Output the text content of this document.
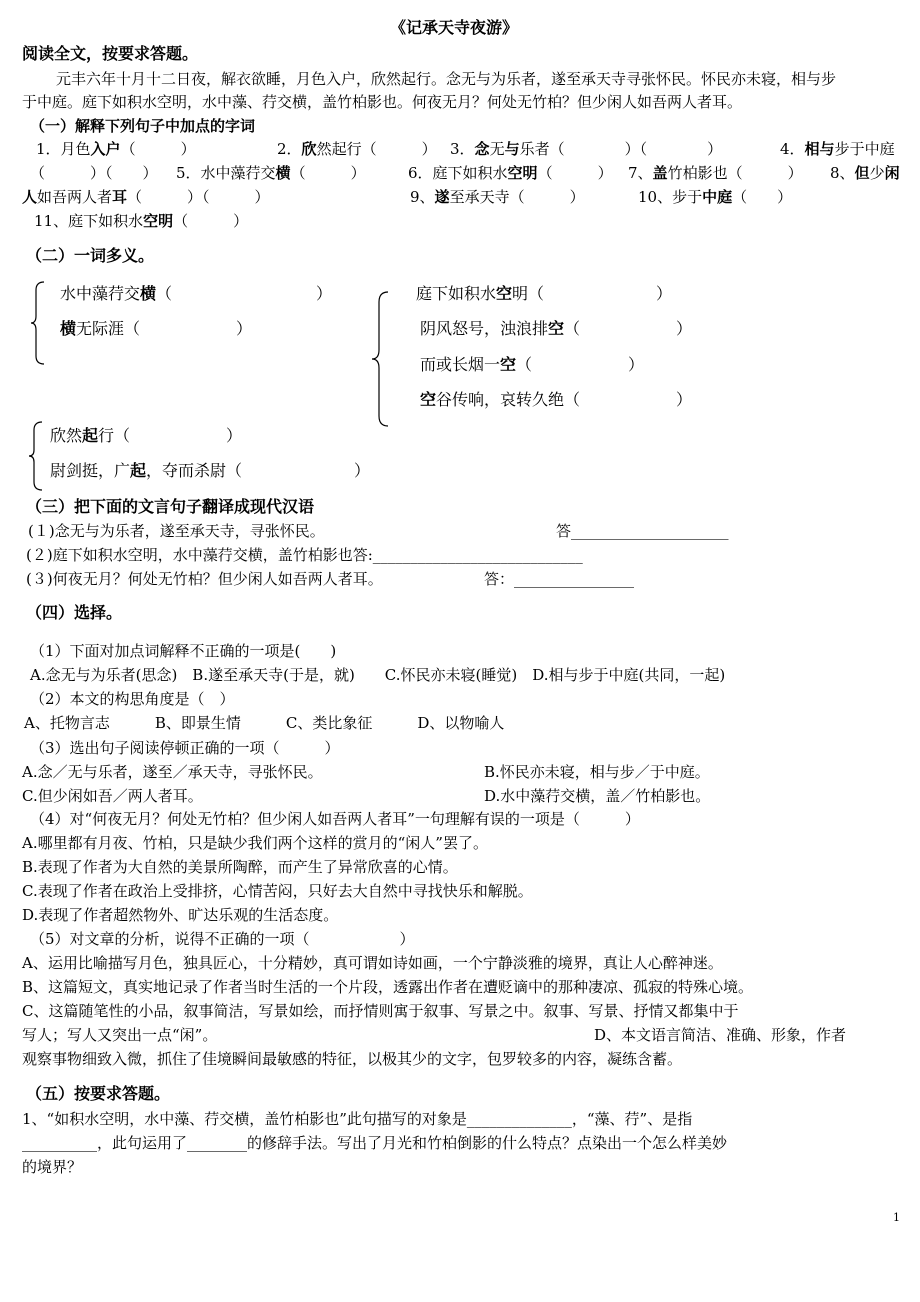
《记承天寺夜游》
阅读全文，按要求答题。
元丰六年十月十二日夜，解衣欲睡，月色入户，欣然起行。念无与为乐者，遂至承天寺寻张怀民。怀民亦未寝，相与步
于中庭。庭下如积水空明，水中藻、荇交横，盖竹柏影也。何夜无月？何处无竹柏？但少闲人如吾两人者耳。
（一）解释下列句子中加点的字词
1．月色入户（　　　）	2．欣然起行（　　　） 3．念无与乐者（　　　　）（　　　　）	4．相与步于中庭
（　　　）（　　） 5．水中藻荇交横（　　　）	6．庭下如积水空明（　　　） 7、盖竹柏影也（　　　） 8、但少闲
人如吾两人者耳（　　　）（　　　）	9、遂至承天寺（　　　）	10、步于中庭（　　）
11、庭下如积水空明（　　　）
（二）一词多义。
水中藻荇交横（　　　　　　　　　）
横无际涯（　　　　　　）
庭下如积水空明（　　　　　　　）
阴风怒号，浊浪排空（　　　　　　）
而或长烟一空（　　　　　　）
空谷传响，哀转久绝（　　　　　　）
欣然起行（　　　　　　）
尉剑挺，广起，夺而杀尉（　　　　　　　）
（三）把下面的文言句子翻译成现代汉语
(１)念无与为乐者，遂至承天寺，寻张怀民。	答_____________________
(２)庭下如积水空明，水中藻荇交横，盖竹柏影也答:____________________________
(３)何夜无月？何处无竹柏？但少闲人如吾两人者耳。	答：________________
（四）选择。
（1）下面对加点词解释不正确的一项是(　　)
A.念无与为乐者(思念)　B.遂至承天寺(于是，就)　　C.怀民亦未寝(睡觉)　D.相与步于中庭(共同，一起)
（2）本文的构思角度是（　）
A、托物言志　　　B、即景生情　　　C、类比象征　　　D、以物喻人
（3）选出句子阅读停顿正确的一项（　　　）
A.念／无与乐者，遂至／承天寺，寻张怀民。	B.怀民亦未寝，相与步／于中庭。
C.但少闲如吾／两人者耳。	D.水中藻荇交横，盖／竹柏影也。
（4）对“何夜无月？何处无竹柏？但少闲人如吾两人者耳”一句理解有误的一项是（　　　）
A.哪里都有月夜、竹柏，只是缺少我们两个这样的赏月的“闲人”罢了。
B.表现了作者为大自然的美景所陶醉，而产生了异常欣喜的心情。
C.表现了作者在政治上受排挤，心情苦闷，只好去大自然中寻找快乐和解脱。
D.表现了作者超然物外、旷达乐观的生活态度。
（5）对文章的分析，说得不正确的一项（　　　　　　）
A、运用比喻描写月色，独具匠心，十分精妙，真可谓如诗如画，一个宁静淡雅的境界，真让人心醉神迷。
B、这篇短文，真实地记录了作者当时生活的一个片段，透露出作者在遭贬谪中的那种凄凉、孤寂的特殊心境。
C、这篇随笔性的小品，叙事简洁，写景如绘，而抒情则寓于叙事、写景之中。叙事、写景、抒情又都集中于
写人；写人又突出一点“闲”。	D、本文语言简洁、准确、形象，作者
观察事物细致入微，抓住了佳境瞬间最敏感的特征，以极其少的文字，包罗较多的内容，凝练含蓄。
（五）按要求答题。
1、“如积水空明，水中藻、荇交横，盖竹柏影也”此句描写的对象是______________，“藻、荇”、是指
__________，此句运用了________的修辞手法。写出了月光和竹柏倒影的什么特点？点染出一个怎么样美妙
的境界？
1
